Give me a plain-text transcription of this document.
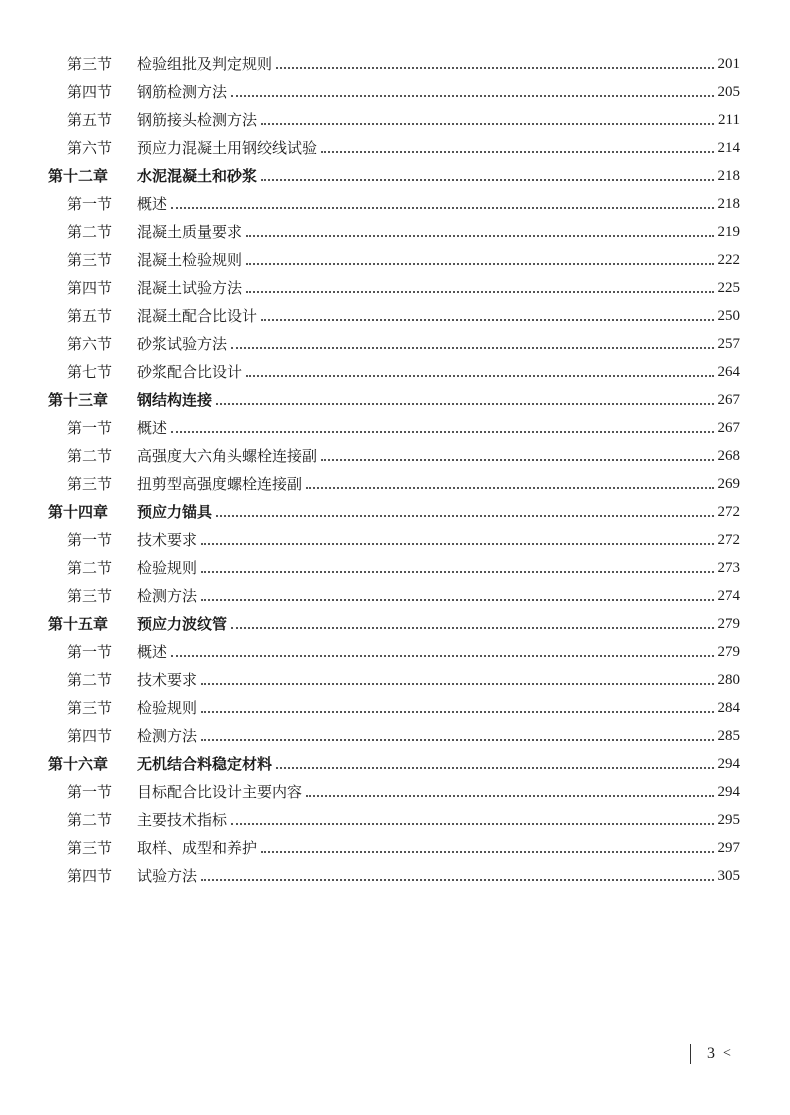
第三节	检验组批及判定规则	201
第四节	钢筋检测方法	205
第五节	钢筋接头检测方法	211
第六节	预应力混凝土用钢绞线试验	214
第十二章	水泥混凝土和砂浆	218
第一节	概述	218
第二节	混凝土质量要求	219
第三节	混凝土检验规则	222
第四节	混凝土试验方法	225
第五节	混凝土配合比设计	250
第六节	砂浆试验方法	257
第七节	砂浆配合比设计	264
第十三章	钢结构连接	267
第一节	概述	267
第二节	高强度大六角头螺栓连接副	268
第三节	扭剪型高强度螺栓连接副	269
第十四章	预应力锚具	272
第一节	技术要求	272
第二节	检验规则	273
第三节	检测方法	274
第十五章	预应力波纹管	279
第一节	概述	279
第二节	技术要求	280
第三节	检验规则	284
第四节	检测方法	285
第十六章	无机结合料稳定材料	294
第一节	目标配合比设计主要内容	294
第二节	主要技术指标	295
第三节	取样、成型和养护	297
第四节	试验方法	305
3 <
